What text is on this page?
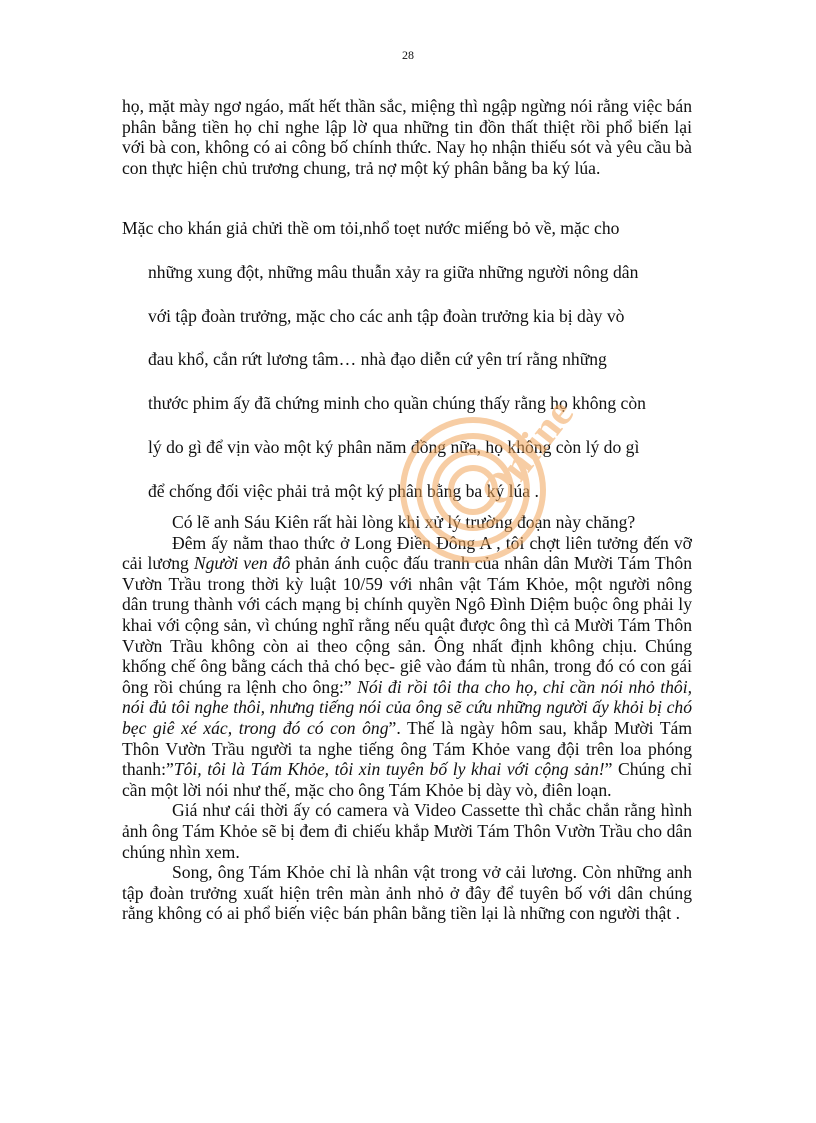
28

họ, mặt mày ngơ ngáo, mất hết thần sắc, miệng thì ngập ngừng nói rằng việc bán phân bằng tiền họ chỉ nghe lập lờ qua những tin đồn thất thiệt rồi phổ biến lại với bà con, không có ai công bố chính thức. Nay họ nhận thiếu sót và yêu cầu bà con thực hiện chủ trương chung, trả nợ một ký phân bằng ba ký lúa.

Mặc cho khán giả chửi thề om tỏi,nhổ toẹt nước miếng bỏ về, mặc cho

những xung đột, những mâu thuẫn xảy ra giữa những người nông dân

với tập đoàn trưởng, mặc cho các anh tập đoàn trưởng kia bị dày vò

đau khổ, cắn rứt lương tâm… nhà đạo diễn cứ yên trí rằng những

thước phim ấy đã chứng minh cho quần chúng thấy rằng họ không còn

lý do gì để vịn vào một ký phân năm đồng nữa, họ không còn lý do gì

để chống đối việc phải trả một ký phân bằng ba ký lúa .

Có lẽ anh Sáu Kiên rất hài lòng khi xử lý trường đoạn này chăng?

Đêm ấy nằm thao thức ở Long Điền Đông A , tôi chợt liên tưởng đến vỡ cải lương Người ven đô phản ánh cuộc đấu tranh của nhân dân Mười Tám Thôn Vườn Trầu trong thời kỳ luật 10/59 với nhân vật Tám Khỏe, một người nông dân trung thành với cách mạng bị chính quyền Ngô Đình Diệm buộc ông phải ly khai với cộng sản, vì chúng nghĩ rằng nếu quật được ông thì cả Mười Tám Thôn Vườn Trầu không còn ai theo cộng sản. Ông nhất định không chịu. Chúng khống chế ông bằng cách thả chó bẹc- giê vào đám tù nhân, trong đó có con gái ông rồi chúng ra lệnh cho ông:” Nói đi rồi tôi tha cho họ, chỉ cần nói nhỏ thôi, nói đủ tôi nghe thôi, nhưng tiếng nói của ông sẽ cứu những người ấy khỏi bị chó bẹc giê xé xác, trong đó có con ông”. Thế là ngày hôm sau, khắp Mười Tám Thôn Vườn Trầu người ta nghe tiếng ông Tám Khỏe vang đội trên loa phóng thanh:”Tôi, tôi là Tám Khỏe, tôi xin tuyên bố ly khai với cộng sản!” Chúng chỉ cần một lời nói như thế, mặc cho ông Tám Khỏe bị dày vò, điên loạn.

Giá như cái thời ấy có camera và Video Cassette thì chắc chắn rằng hình ảnh ông Tám Khỏe sẽ bị đem đi chiếu khắp Mười Tám Thôn Vườn Trầu cho dân chúng nhìn xem.

Song, ông Tám Khỏe chỉ là nhân vật trong vở cải lương. Còn những anh tập đoàn trưởng xuất hiện trên màn ảnh nhỏ ở đây để tuyên bố với dân chúng rằng không có ai phổ biến việc bán phân bằng tiền lại là những con người thật .

Online
